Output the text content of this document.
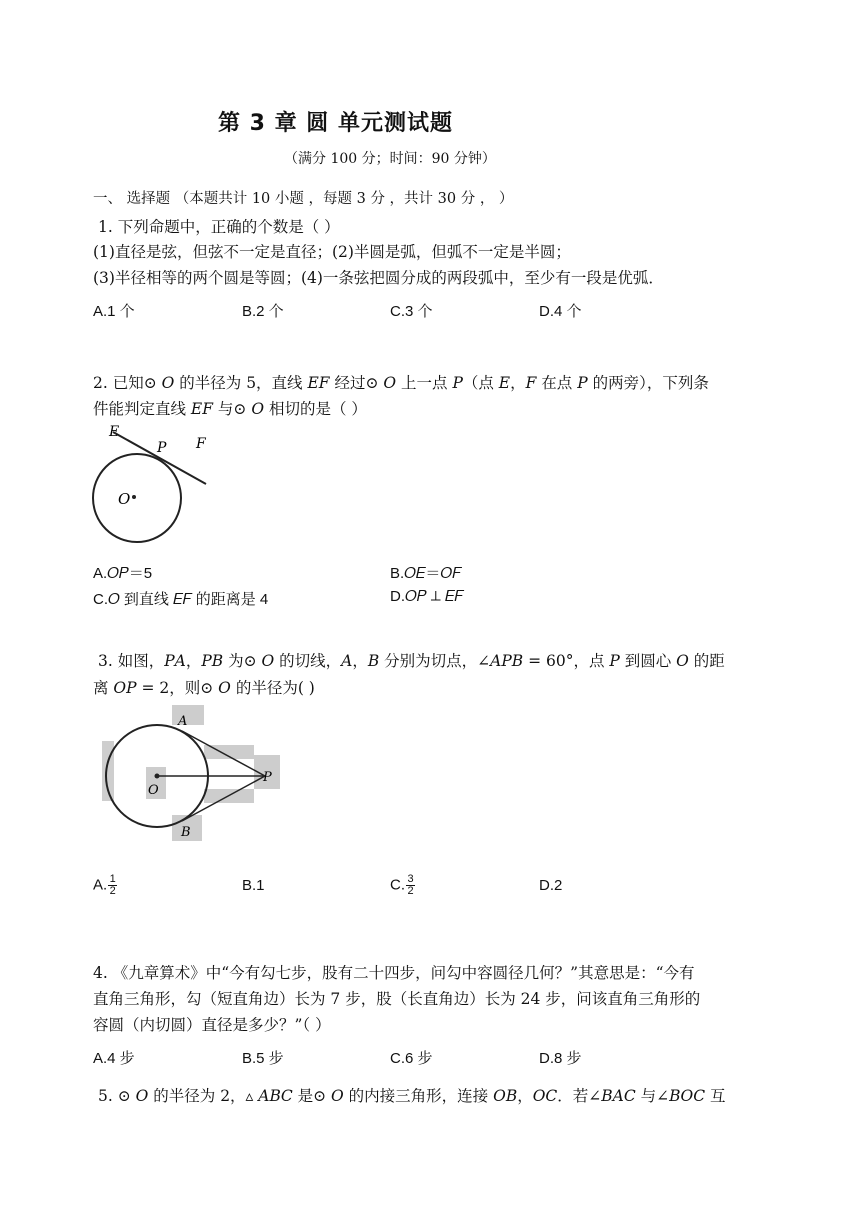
第 3 章 圆 单元测试题
（满分 100 分；时间：90 分钟）
一、 选择题 （本题共计 10 小题 ，每题 3 分 ，共计 30 分 ， ）
1. 下列命题中，正确的个数是（ ）
(1)直径是弦，但弦不一定是直径；(2)半圆是弧，但弧不一定是半圆；
(3)半径相等的两个圆是等圆；(4)一条弦把圆分成的两段弧中，至少有一段是优弧．
A.1 个	B.2 个	C.3 个	D.4 个
2. 已知⊙ 𝑂 的半径为 5，直线 𝐸𝐹 经过⊙ 𝑂 上一点 𝑃（点 𝐸，𝐹 在点 𝑃 的两旁），下列条
件能判定直线 𝐸𝐹 与⊙ 𝑂 相切的是（ ）
E
P F
O
A.𝑂𝑃＝5	B.𝑂𝐸＝𝑂𝐹
C.𝑂 到直线 𝐸𝐹 的距离是 4	D.𝑂𝑃 ⊥ 𝐸𝐹
3. 如图，𝑃𝐴，𝑃𝐵 为⊙ 𝑂 的切线，𝐴，𝐵 分别为切点，∠𝐴𝑃𝐵 = 60°，点 𝑃 到圆心 𝑂 的距
离 𝑂𝑃 = 2，则⊙ 𝑂 的半径为( )
A
P
B
O
A. $\frac{1}{2}$	B.1	C. $\frac{3}{2}$	D.2
4. 《九章算术》中“今有勾七步，股有二十四步，问勾中容圆径几何？”其意思是：“今有
直角三角形，勾（短直角边）长为 7 步，股（长直角边）长为 24 步，问该直角三角形的
容圆（内切圆）直径是多少？”（ ）
A.4 步	B.5 步	C.6 步	D.8 步
5. ⊙ 𝑂 的半径为 2，▵ 𝐴𝐵𝐶 是⊙ 𝑂 的内接三角形，连接 𝑂𝐵，𝑂𝐶．若∠𝐵𝐴𝐶 与∠𝐵𝑂𝐶 互
